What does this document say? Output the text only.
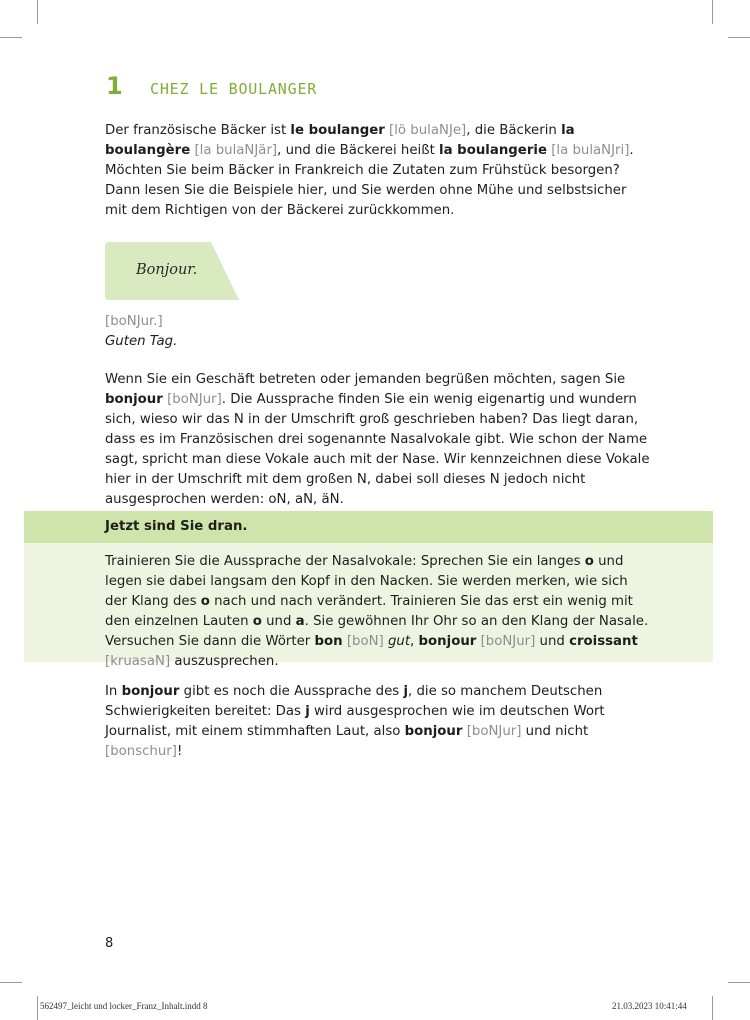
1	CHEZ LE BOULANGER

Der französische Bäcker ist le boulanger [lö bulaNJe], die Bäckerin la boulangère [la bulaNJär], und die Bäckerei heißt la boulangerie [la bulaNJri]. Möchten Sie beim Bäcker in Frankreich die Zutaten zum Frühstück besorgen? Dann lesen Sie die Beispiele hier, und Sie werden ohne Mühe und selbstsicher mit dem Richtigen von der Bäckerei zurückkommen.

Bonjour.
[boNJur.]
Guten Tag.

Wenn Sie ein Geschäft betreten oder jemanden begrüßen möchten, sagen Sie bonjour [boNJur]. Die Aussprache finden Sie ein wenig eigenartig und wundern sich, wieso wir das N in der Umschrift groß geschrieben haben? Das liegt daran, dass es im Französischen drei sogenannte Nasalvokale gibt. Wie schon der Name sagt, spricht man diese Vokale auch mit der Nase. Wir kennzeichnen diese Vokale hier in der Umschrift mit dem großen N, dabei soll dieses N jedoch nicht ausgesprochen werden: oN, aN, äN.

Jetzt sind Sie dran.

Trainieren Sie die Aussprache der Nasalvokale: Sprechen Sie ein langes o und legen sie dabei langsam den Kopf in den Nacken. Sie werden merken, wie sich der Klang des o nach und nach verändert. Trainieren Sie das erst ein wenig mit den einzelnen Lauten o und a. Sie gewöhnen Ihr Ohr so an den Klang der Nasale. Versuchen Sie dann die Wörter bon [boN] gut, bonjour [boNJur] und croissant [kruasaN] auszusprechen.

In bonjour gibt es noch die Aussprache des j, die so manchem Deutschen Schwierigkeiten bereitet: Das j wird ausgesprochen wie im deutschen Wort Journalist, mit einem stimmhaften Laut, also bonjour [boNJur] und nicht [bonschur]!

8
562497_leicht und locker_Franz_Inhalt.indd 8	21.03.2023 10:41:44
